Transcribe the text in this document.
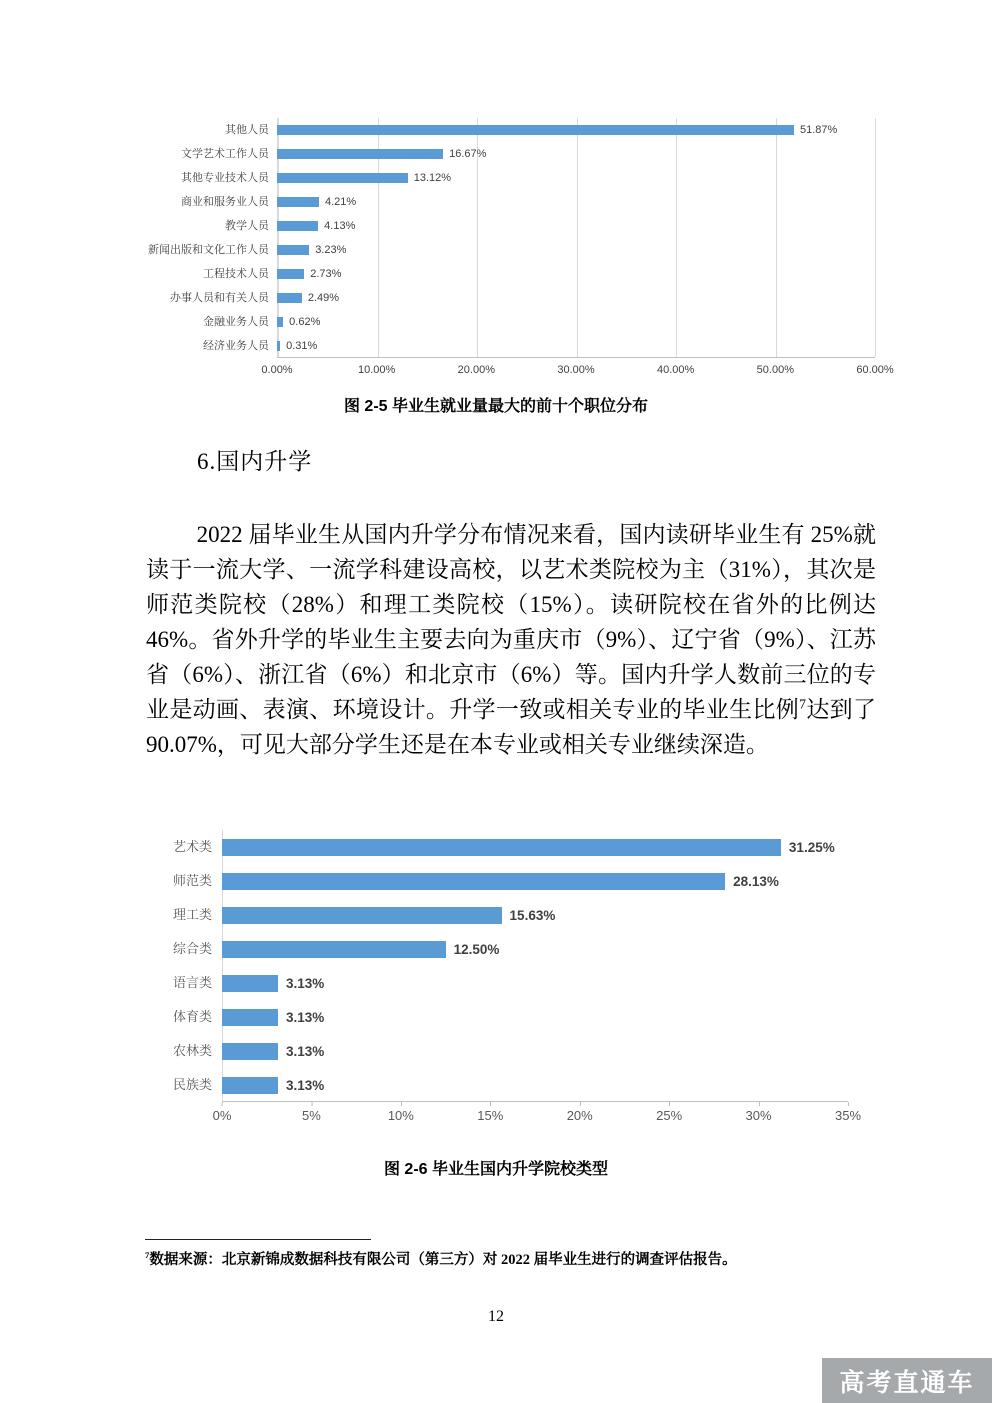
其他人员	51.87%
文学艺术工作人员	16.67%
其他专业技术人员	13.12%
商业和服务业人员	4.21%
教学人员	4.13%
新闻出版和文化工作人员	3.23%
工程技术人员	2.73%
办事人员和有关人员	2.49%
金融业务人员	0.62%
经济业务人员	0.31%
0.00%	10.00%	20.00%	30.00%	40.00%	50.00%	60.00%
图 2-5 毕业生就业量最大的前十个职位分布
6.国内升学

2022 届毕业生从国内升学分布情况来看，国内读研毕业生有 25%就读于一流大学、一流学科建设高校，以艺术类院校为主（31%），其次是师范类院校（28%）和理工类院校（15%）。读研院校在省外的比例达 46%。省外升学的毕业生主要去向为重庆市（9%）、辽宁省（9%）、江苏省（6%）、浙江省（6%）和北京市（6%）等。国内升学人数前三位的专业是动画、表演、环境设计。升学一致或相关专业的毕业生比例$^7$达到了 90.07%，可见大部分学生还是在本专业或相关专业继续深造。

艺术类	31.25%
师范类	28.13%
理工类	15.63%
综合类	12.50%
语言类	3.13%
体育类	3.13%
农林类	3.13%
民族类	3.13%
0%	5%	10%	15%	20%	25%	30%	35%
图 2-6 毕业生国内升学院校类型
$^7$数据来源：北京新锦成数据科技有限公司（第三方）对 2022 届毕业生进行的调查评估报告。
12
高考直通车
